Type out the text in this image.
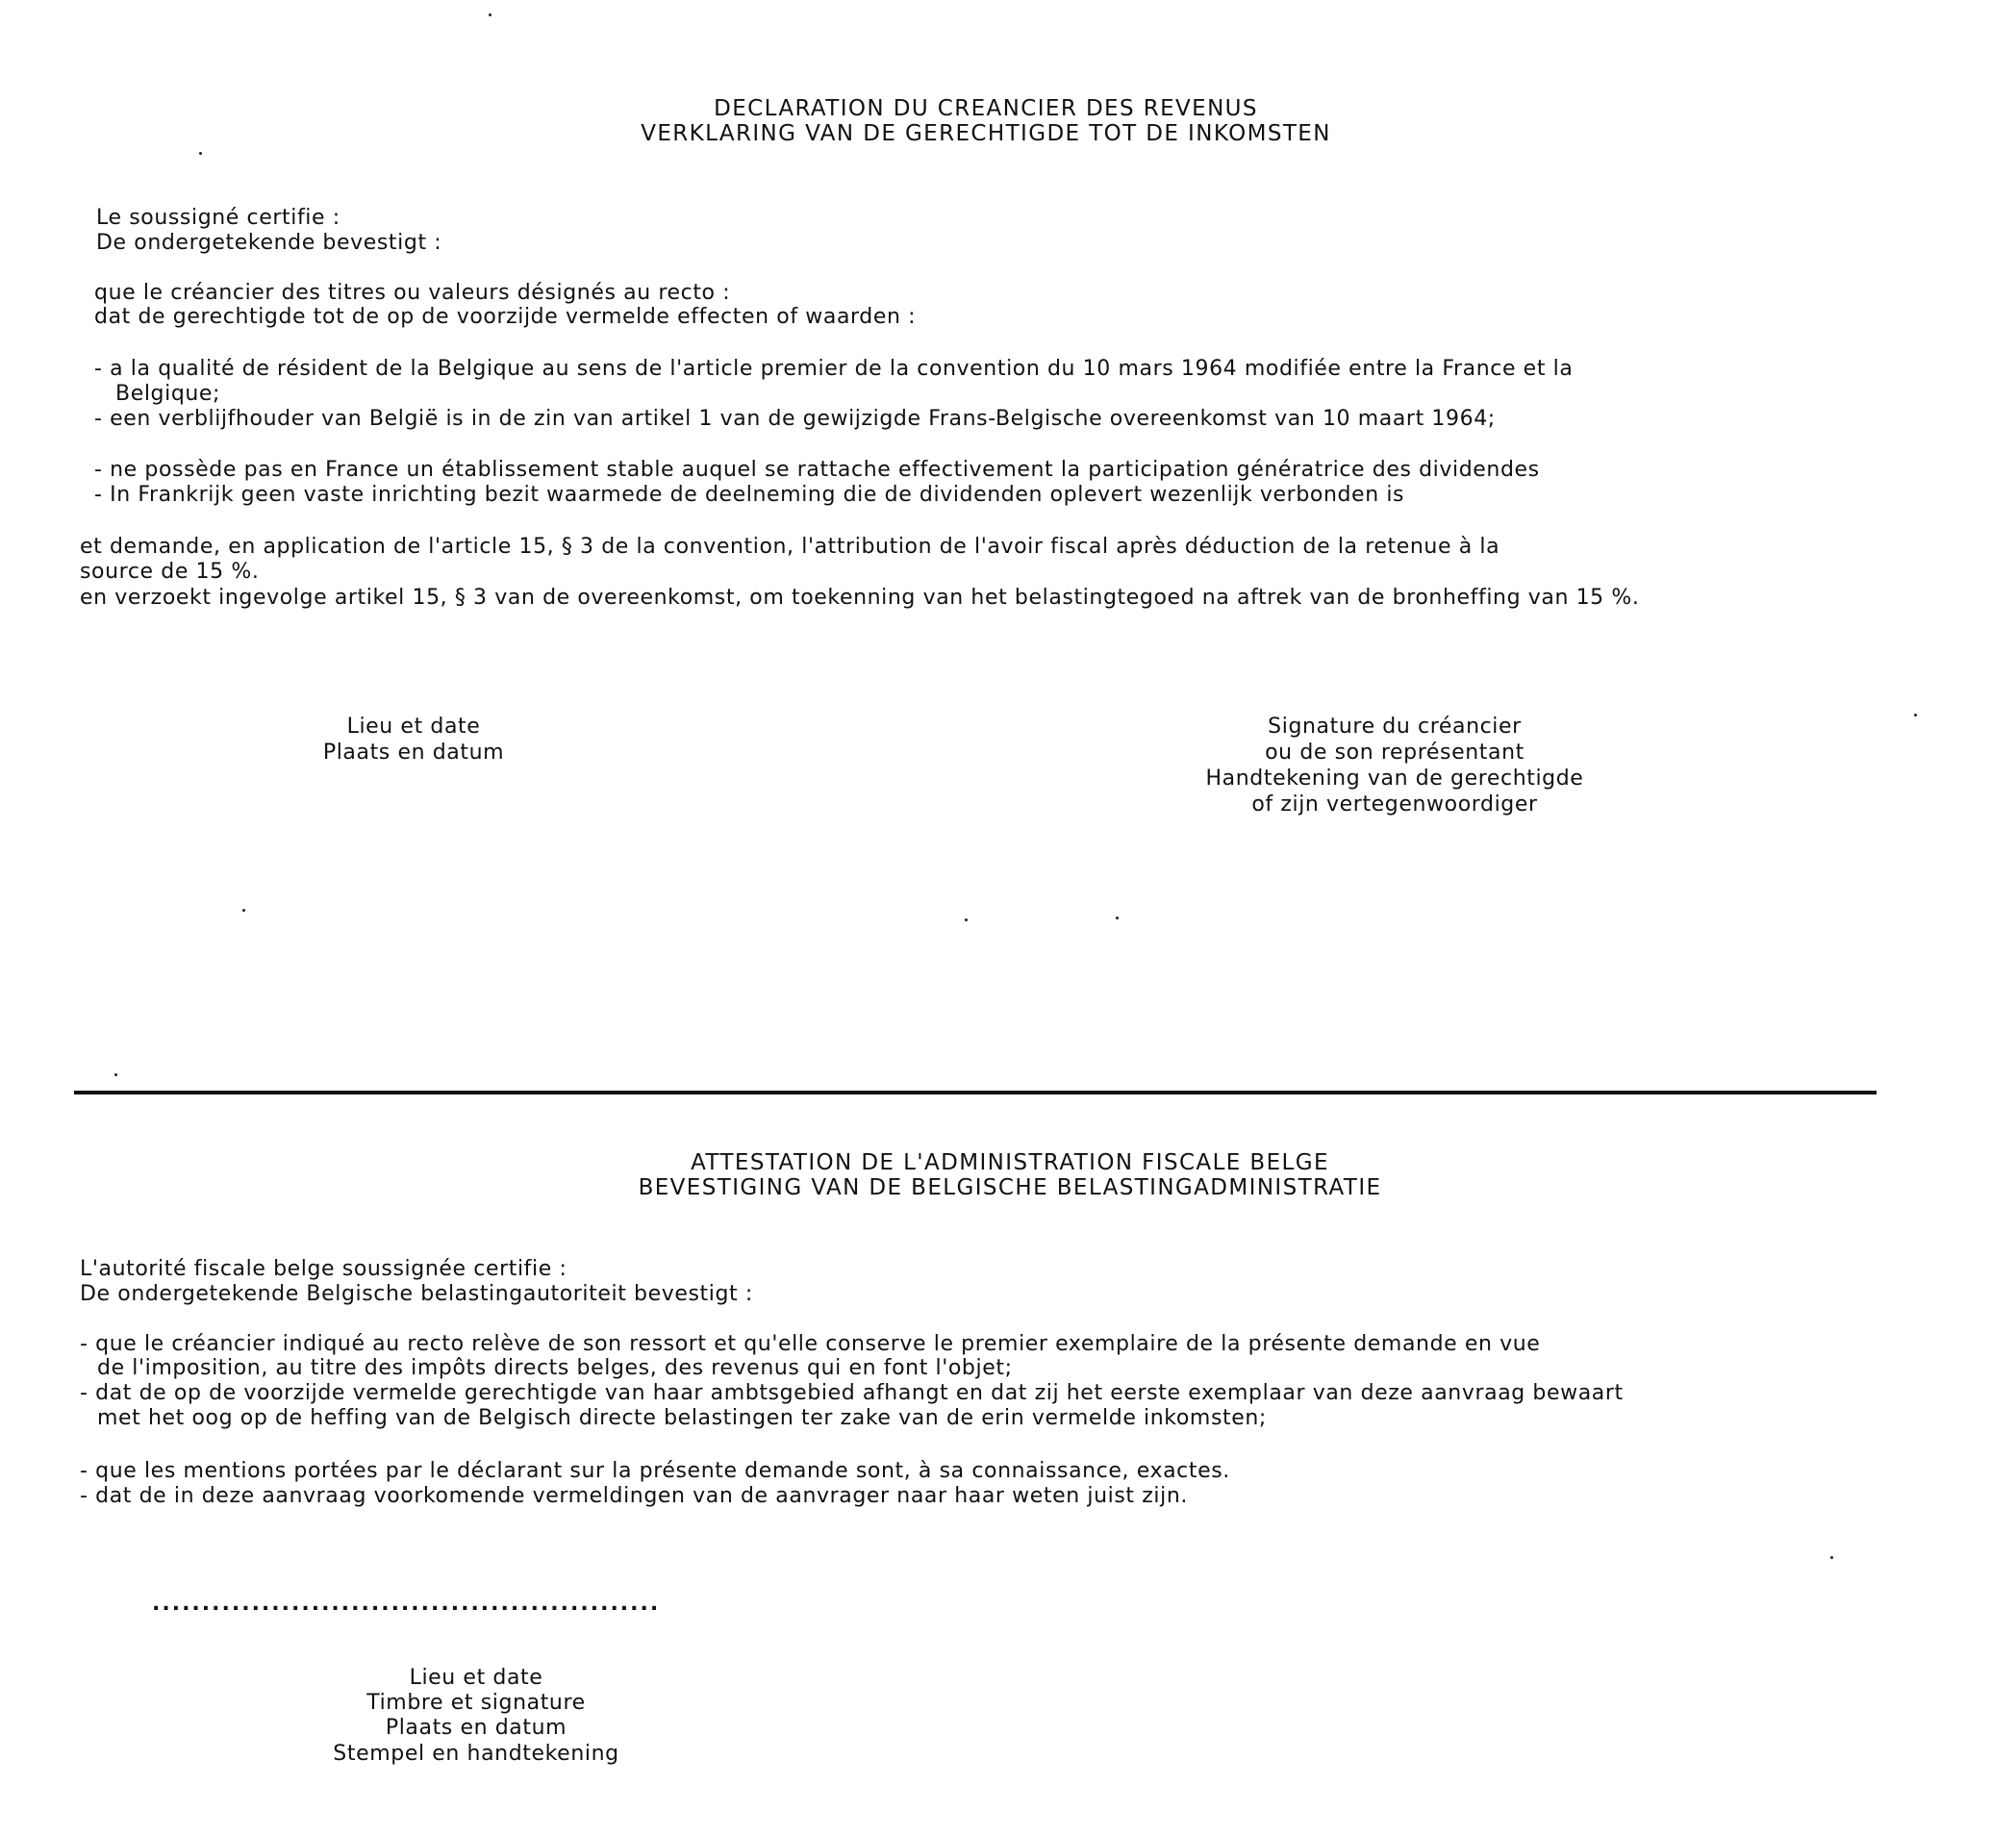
DECLARATION DU CREANCIER DES REVENUS
VERKLARING VAN DE GERECHTIGDE TOT DE INKOMSTEN
Le soussigné certifie :
De ondergetekende bevestigt :
que le créancier des titres ou valeurs désignés au recto :
dat de gerechtigde tot de op de voorzijde vermelde effecten of waarden :
- a la qualité de résident de la Belgique au sens de l'article premier de la convention du 10 mars 1964 modifiée entre la France et la
Belgique;
- een verblijfhouder van België is in de zin van artikel 1 van de gewijzigde Frans-Belgische overeenkomst van 10 maart 1964;
- ne possède pas en France un établissement stable auquel se rattache effectivement la participation génératrice des dividendes
- In Frankrijk geen vaste inrichting bezit waarmede de deelneming die de dividenden oplevert wezenlijk verbonden is
et demande, en application de l'article 15, § 3 de la convention, l'attribution de l'avoir fiscal après déduction de la retenue à la
source de 15 %.
en verzoekt ingevolge artikel 15, § 3 van de overeenkomst, om toekenning van het belastingtegoed na aftrek van de bronheffing van 15 %.
Lieu et date
Plaats en datum
Signature du créancier
ou de son représentant
Handtekening van de gerechtigde
of zijn vertegenwoordiger
ATTESTATION DE L'ADMINISTRATION FISCALE BELGE
BEVESTIGING VAN DE BELGISCHE BELASTINGADMINISTRATIE
L'autorité fiscale belge soussignée certifie :
De ondergetekende Belgische belastingautoriteit bevestigt :
- que le créancier indiqué au recto relève de son ressort et qu'elle conserve le premier exemplaire de la présente demande en vue
de l'imposition, au titre des impôts directs belges, des revenus qui en font l'objet;
- dat de op de voorzijde vermelde gerechtigde van haar ambtsgebied afhangt en dat zij het eerste exemplaar van deze aanvraag bewaart
met het oog op de heffing van de Belgisch directe belastingen ter zake van de erin vermelde inkomsten;
- que les mentions portées par le déclarant sur la présente demande sont, à sa connaissance, exactes.
- dat de in deze aanvraag voorkomende vermeldingen van de aanvrager naar haar weten juist zijn.
...................................................
Lieu et date
Timbre et signature
Plaats en datum
Stempel en handtekening
